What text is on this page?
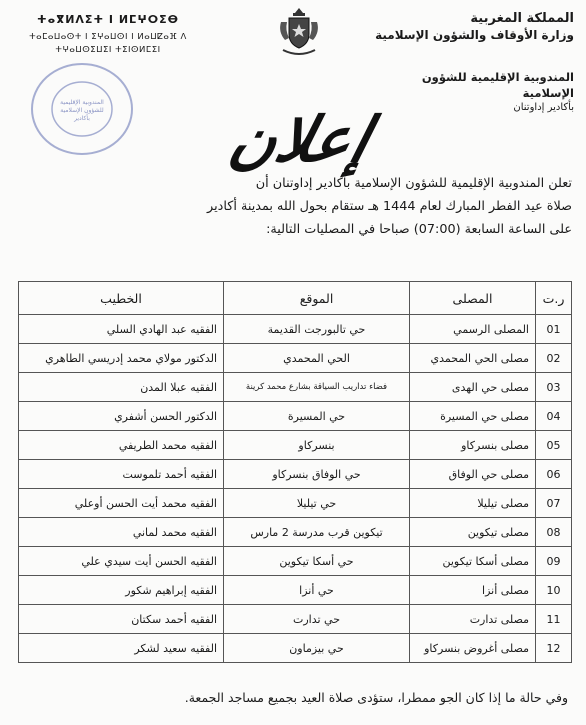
المملكة المغربية
وزارة الأوقاف والشؤون الإسلامية
المندوبية الإقليمية للشؤون الإسلامية
بأكادير إداوتنان
ⵜⴰⴳⵍⴷⵉⵜ ⵏ ⵍⵎⵖⵔⵉⴱ
ⵜⴰⵎⴰⵡⴰⵙⵜ ⵏ ⵉⵖⴰⵡⵙⵏ ⵏ ⵍⴰⵡⵇⴰⴼ ⴷ ⵜⵖⴰⵡⵙⵉⵡⵉⵏ ⵜⵉⵏⵙⵍⵎⵉⵏ
المندوبية الإقليمية
للشؤون الإسلامية
بأكادير	إعلان
تعلن المندوبية الإقليمية للشؤون الإسلامية بأكادير إداوتنان أن
صلاة عيد الفطر المبارك لعام 1444 هـ ستقام بحول الله بمدينة أكادير
على الساعة السابعة (07:00) صباحا في المصليات التالية:
ر.ت	المصلى	الموقع	الخطيب
01	المصلى الرسمي	حي تالبورجت القديمة	الفقيه عبد الهادي السلي
02	مصلى الحي المحمدي	الحي المحمدي	الدكتور مولاي محمد إدريسي الطاهري
03	مصلى حي الهدى	فضاء تداريب السياقة بشارع محمد كرينة	الفقيه عبلا المدن
04	مصلى حي المسيرة	حي المسيرة	الدكتور الحسن أشفري
05	مصلى بنسركاو	بنسركاو	الفقيه محمد الطريفي
06	مصلى حي الوفاق	حي الوفاق بنسركاو	الفقيه أحمد تلموست
07	مصلى تيليلا	حي تيليلا	الفقيه محمد أيت الحسن أوعلي
08	مصلى تيكوين	تيكوين قرب مدرسة 2 مارس	الفقيه محمد لماني
09	مصلى أسكا تيكوين	حي أسكا تيكوين	الفقيه الحسن أيت سيدي علي
10	مصلى أنزا	حي أنزا	الفقيه إبراهيم شكور
11	مصلى تدارت	حي تدارت	الفقيه أحمد سكتان
12	مصلى أغروض بنسركاو	حي بيزماون	الفقيه سعيد لشكر
وفي حالة ما إذا كان الجو ممطرا، ستؤدى صلاة العيد بجميع مساجد الجمعة.
